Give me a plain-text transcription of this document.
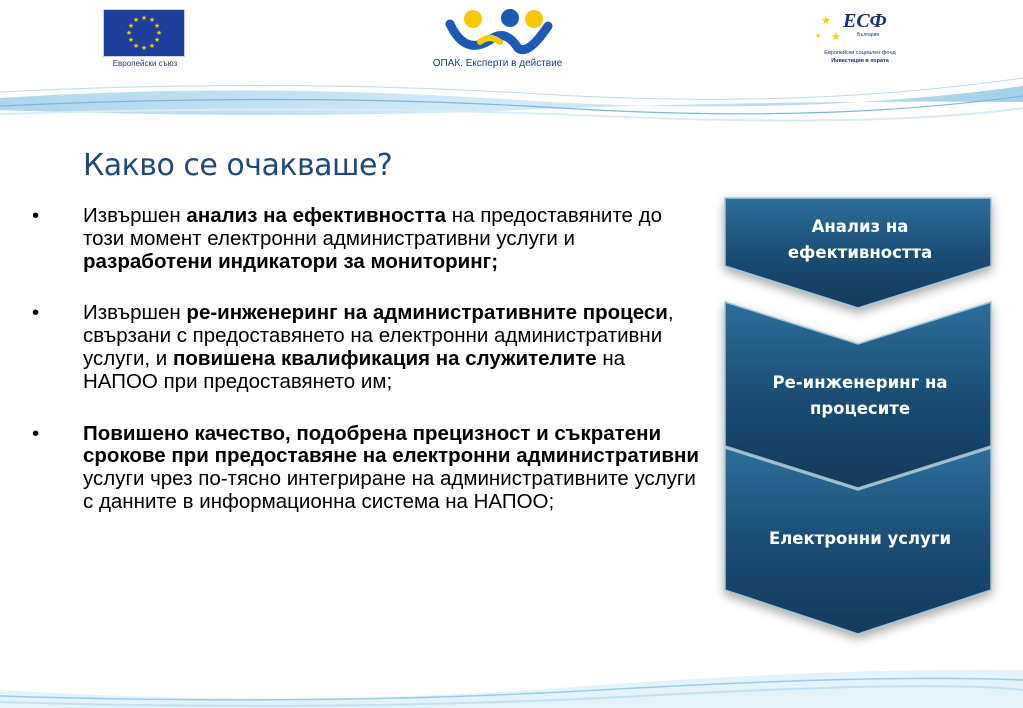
★ ★
★
★
★
★
★
★
★
★
★
★
Европейски съюз	ОПАК. Експерти в действие
★
★
★
ЕСФ
България
Европейски социален фонд
Инвестиция в хората
Какво се очакваше?
• Извършен анализ на ефективността на предоставяните до този момент електронни административни услуги и разработени индикатори за мониторинг;
• Извършен ре-инженеринг на административните процеси, свързани с предоставянето на електронни административни услуги, и повишена квалификация на служителите на НАПОО при предоставянето им;
• Повишено качество, подобрена прецизност и съкратени срокове при предоставяне на електронни административни услуги чрез по-тясно интегриране на административните услуги с данните в информационна система на НАПОО;
Анализ на
ефективността
Ре-инженеринг на
процесите
Електронни услуги
